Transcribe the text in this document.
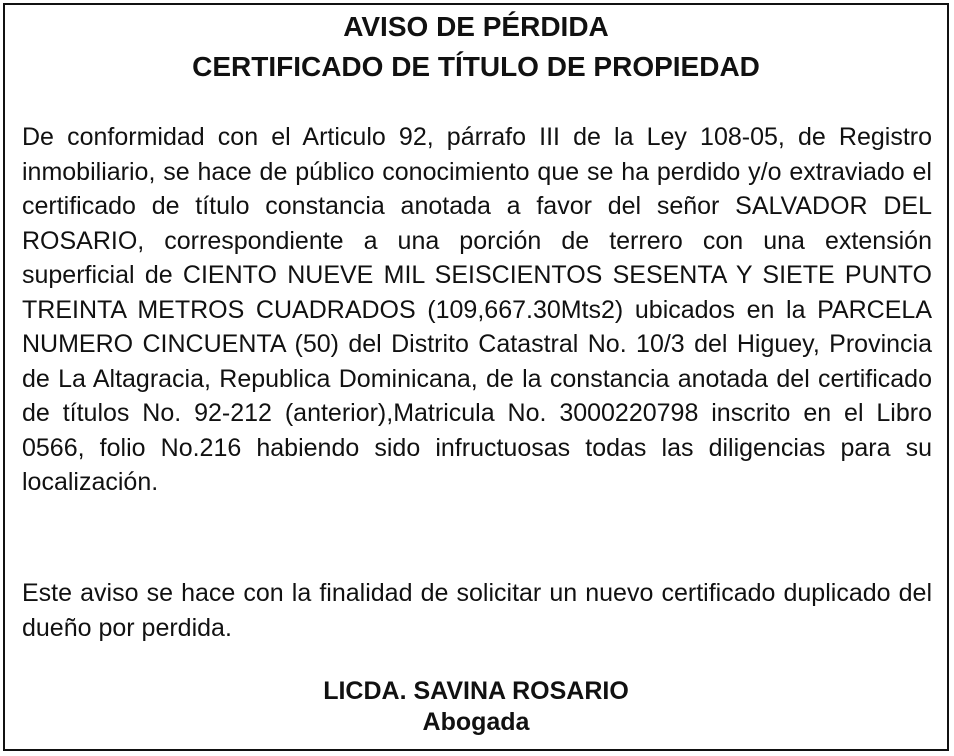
AVISO DE PÉRDIDA
CERTIFICADO DE TÍTULO DE PROPIEDAD

De conformidad con el Articulo 92, párrafo III de la Ley 108-05, de Registro inmobiliario, se hace de público conocimiento que se ha perdido y/o extraviado el certificado de título constancia anotada a favor del señor SALVADOR DEL ROSARIO, correspondiente a una porción de terrero con una extensión superficial de CIENTO NUEVE MIL SEISCIENTOS SESENTA Y SIETE PUNTO TREINTA METROS CUADRADOS (109,667.30Mts2) ubicados en la PARCELA NUMERO CINCUENTA (50) del Distrito Catastral No. 10/3 del Higuey, Provincia de La Altagracia, Republica Dominicana, de la constancia anotada del certificado de títulos No. 92-212 (anterior),Matricula No. 3000220798 inscrito en el Libro 0566, folio No.216 habiendo sido infructuosas todas las diligencias para su localización.

Este aviso se hace con la finalidad de solicitar un nuevo certificado duplicado del dueño por perdida.

LICDA. SAVINA ROSARIO

Abogada
